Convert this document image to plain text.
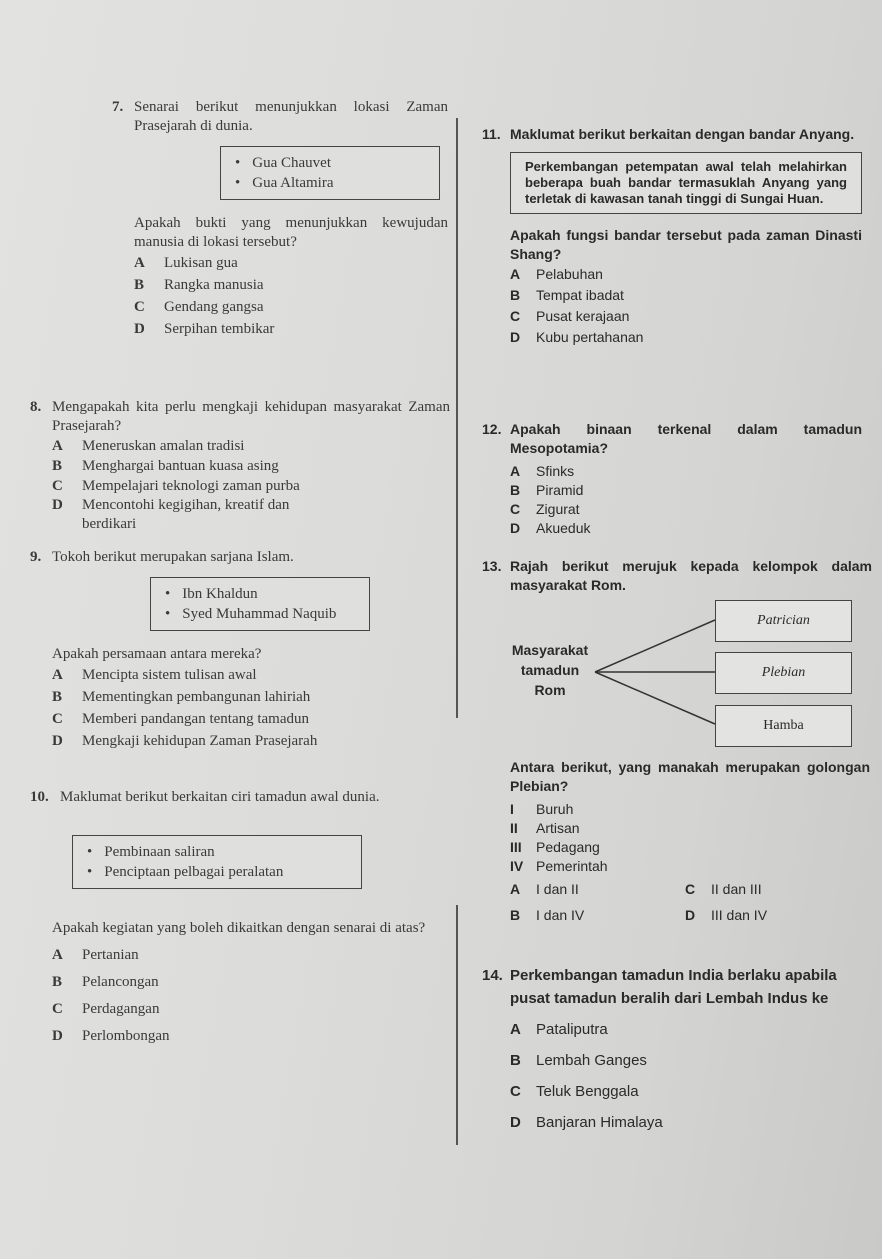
7. Senarai berikut menunjukkan lokasi Zaman Prasejarah di dunia.
• Gua Chauvet
• Gua Altamira
Apakah bukti yang menunjukkan kewujudan manusia di lokasi tersebut?
A	Lukisan gua
B	Rangka manusia
C	Gendang gangsa
D	Serpihan tembikar
8. Mengapakah kita perlu mengkaji kehidupan masyarakat Zaman Prasejarah?
A	Meneruskan amalan tradisi
B	Menghargai bantuan kuasa asing
C	Mempelajari teknologi zaman purba
D	Mencontohi kegigihan, kreatif dan berdikari
9. Tokoh berikut merupakan sarjana Islam.
• Ibn Khaldun
• Syed Muhammad Naquib
Apakah persamaan antara mereka?
A	Mencipta sistem tulisan awal
B	Mementingkan pembangunan lahiriah
C	Memberi pandangan tentang tamadun
D	Mengkaji kehidupan Zaman Prasejarah
10. Maklumat berikut berkaitan ciri tamadun awal dunia.
• Pembinaan saliran
• Penciptaan pelbagai peralatan
Apakah kegiatan yang boleh dikaitkan dengan senarai di atas?
A	Pertanian
B	Pelancongan
C	Perdagangan
D	Perlombongan
11. Maklumat berikut berkaitan dengan bandar Anyang.
Perkembangan petempatan awal telah melahirkan beberapa buah bandar termasuklah Anyang yang terletak di kawasan tanah tinggi di Sungai Huan.
Apakah fungsi bandar tersebut pada zaman Dinasti Shang?
A	Pelabuhan
B	Tempat ibadat
C	Pusat kerajaan
D	Kubu pertahanan
12. Apakah binaan terkenal dalam tamadun Mesopotamia?
A	Sfinks
B	Piramid
C	Zigurat
D	Akueduk
13. Rajah berikut merujuk kepada kelompok dalam masyarakat Rom.
Masyarakat tamadun Rom
Patrician
Plebian
Hamba
Antara berikut, yang manakah merupakan golongan Plebian?
I	Buruh
II	Artisan
III	Pedagang
IV Pemerintah
A	I dan II	C	II dan III
B	I dan IV	D	III dan IV
14. Perkembangan tamadun India berlaku apabila pusat tamadun beralih dari Lembah Indus ke
A	Pataliputra
B	Lembah Ganges
C	Teluk Benggala
D	Banjaran Himalaya
